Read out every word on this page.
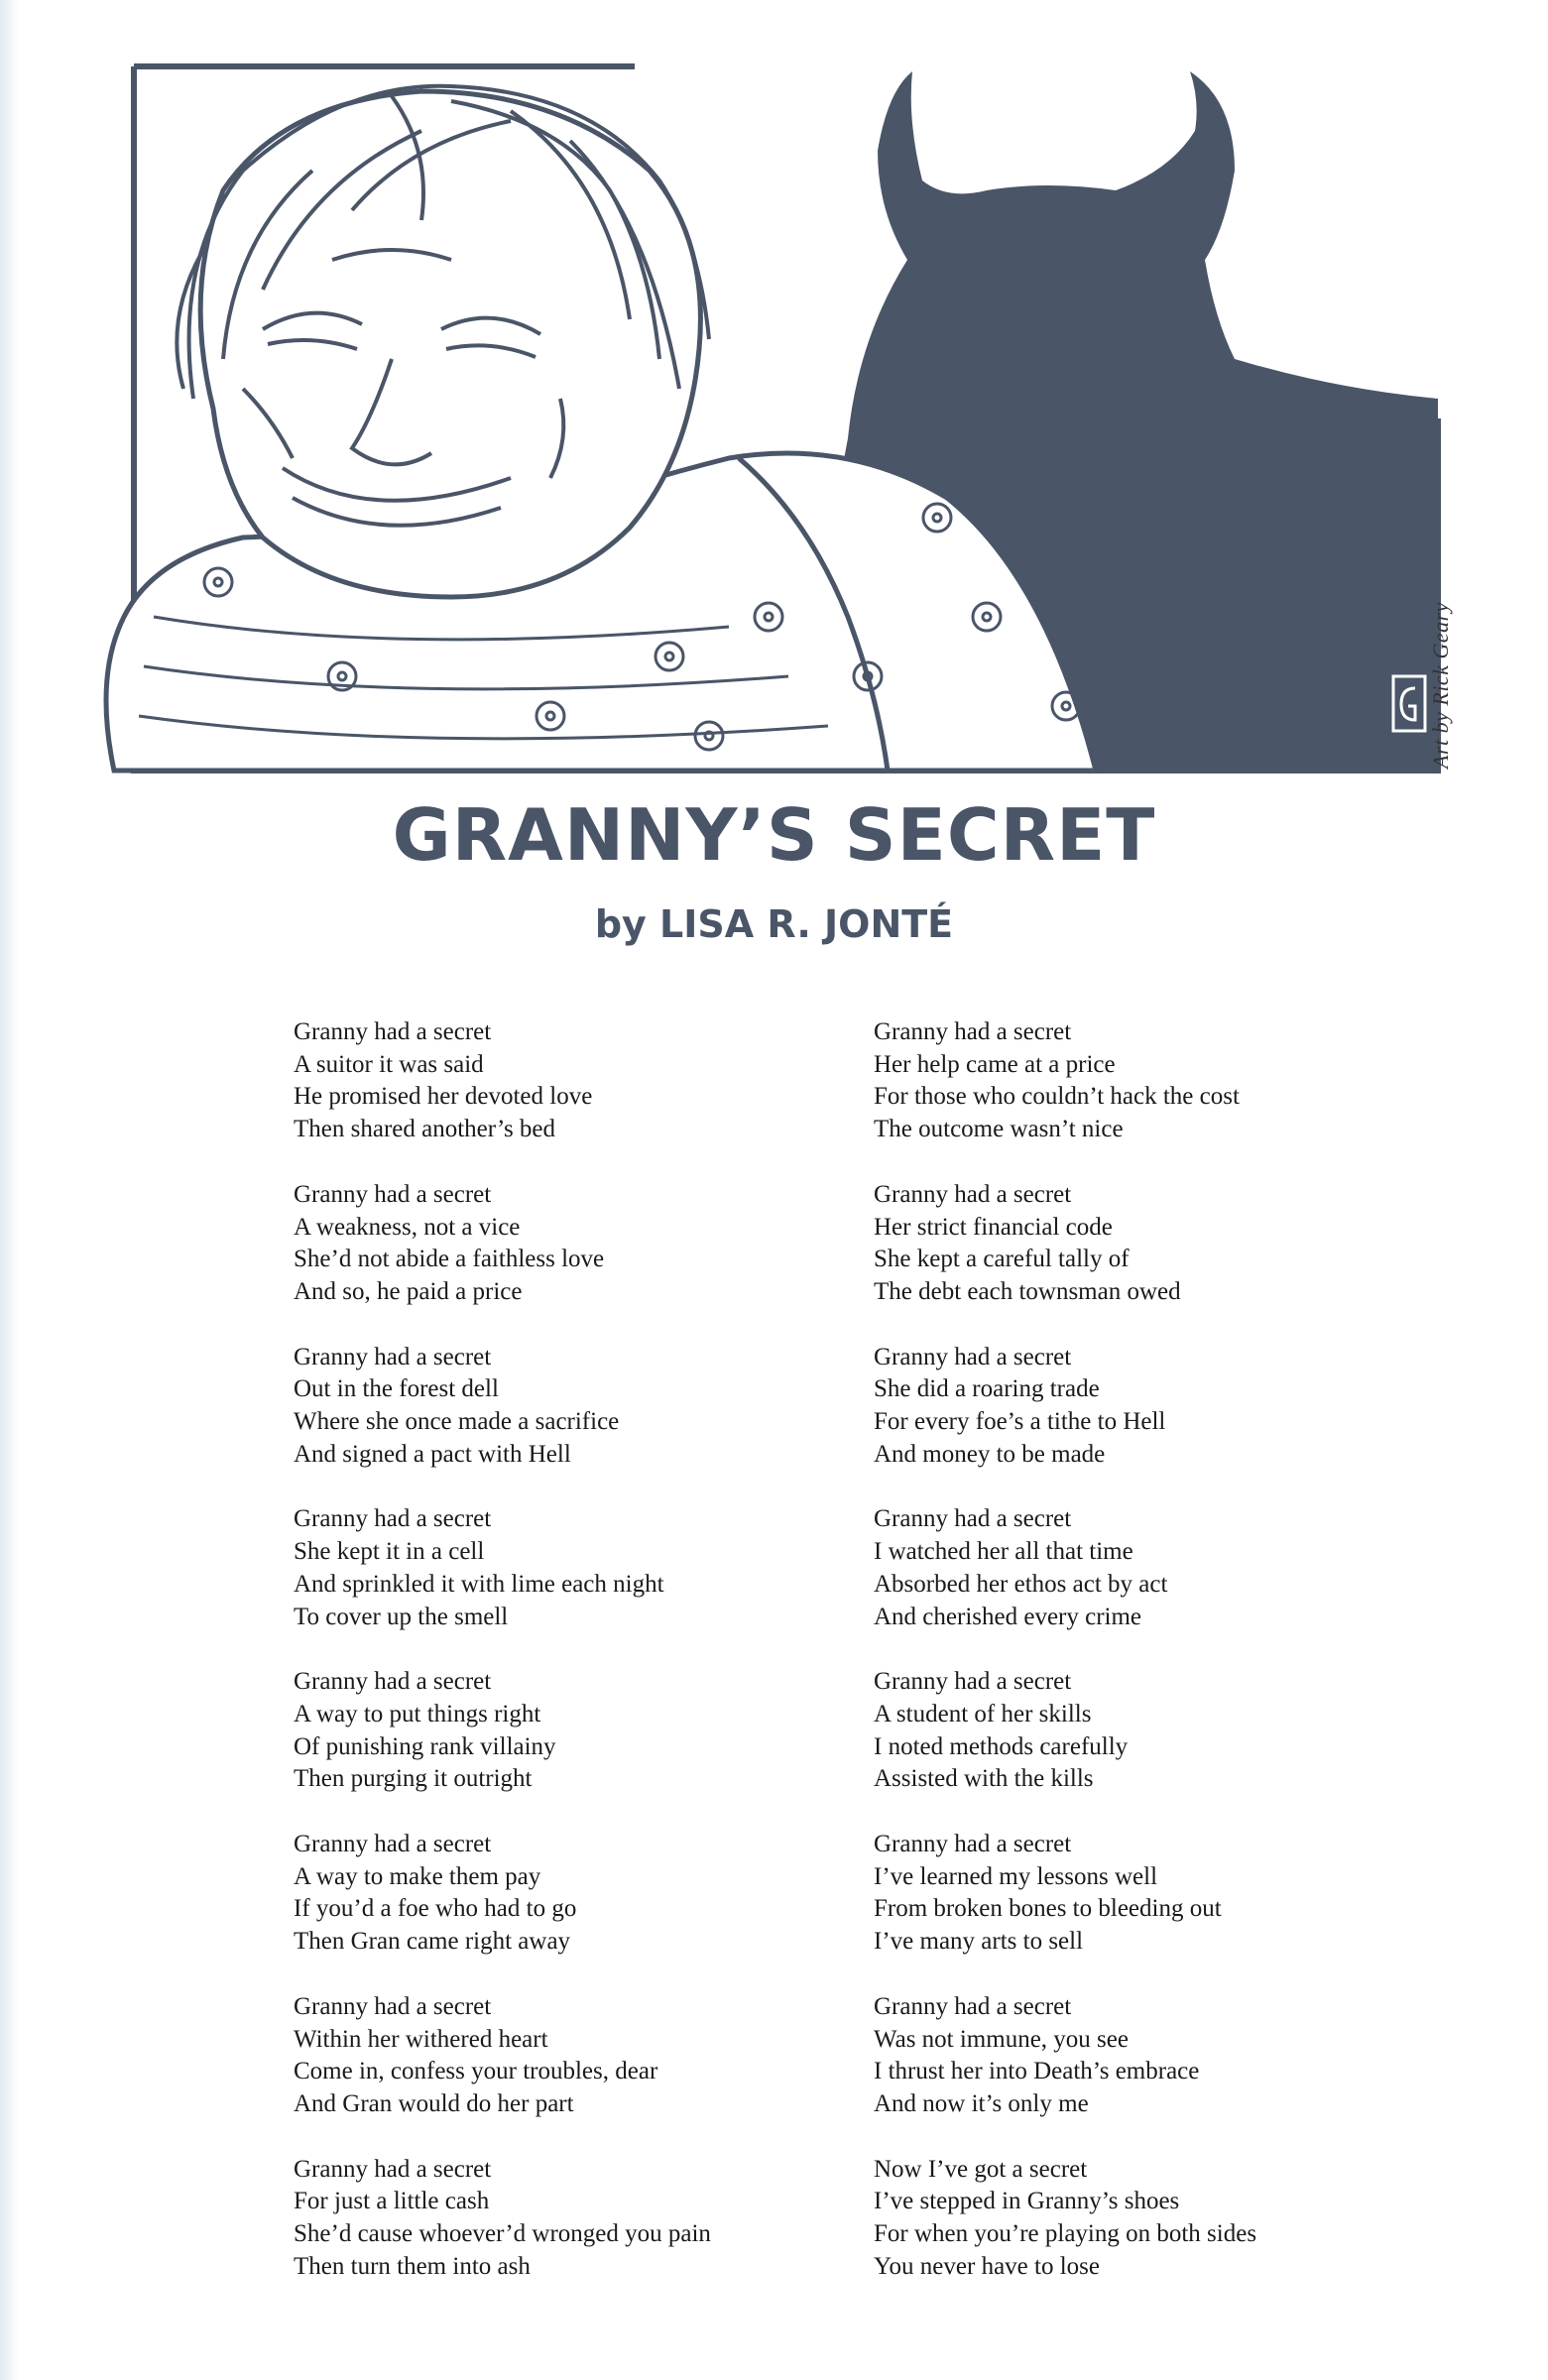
Art by Rick Geary
GRANNY’S SECRET
by LISA R. JONTÉ
Granny had a secret
A suitor it was said
He promised her devoted love
Then shared another’s bed
Granny had a secret
A weakness, not a vice
She’d not abide a faithless love
And so, he paid a price
Granny had a secret
Out in the forest dell
Where she once made a sacrifice
And signed a pact with Hell
Granny had a secret
She kept it in a cell
And sprinkled it with lime each night
To cover up the smell
Granny had a secret
A way to put things right
Of punishing rank villainy
Then purging it outright
Granny had a secret
A way to make them pay
If you’d a foe who had to go
Then Gran came right away
Granny had a secret
Within her withered heart
Come in, confess your troubles, dear
And Gran would do her part
Granny had a secret
For just a little cash
She’d cause whoever’d wronged you pain
Then turn them into ash
Granny had a secret
Her help came at a price
For those who couldn’t hack the cost
The outcome wasn’t nice
Granny had a secret
Her strict financial code
She kept a careful tally of
The debt each townsman owed
Granny had a secret
She did a roaring trade
For every foe’s a tithe to Hell
And money to be made
Granny had a secret
I watched her all that time
Absorbed her ethos act by act
And cherished every crime
Granny had a secret
A student of her skills
I noted methods carefully
Assisted with the kills
Granny had a secret
I’ve learned my lessons well
From broken bones to bleeding out
I’ve many arts to sell
Granny had a secret
Was not immune, you see
I thrust her into Death’s embrace
And now it’s only me
Now I’ve got a secret
I’ve stepped in Granny’s shoes
For when you’re playing on both sides
You never have to lose
